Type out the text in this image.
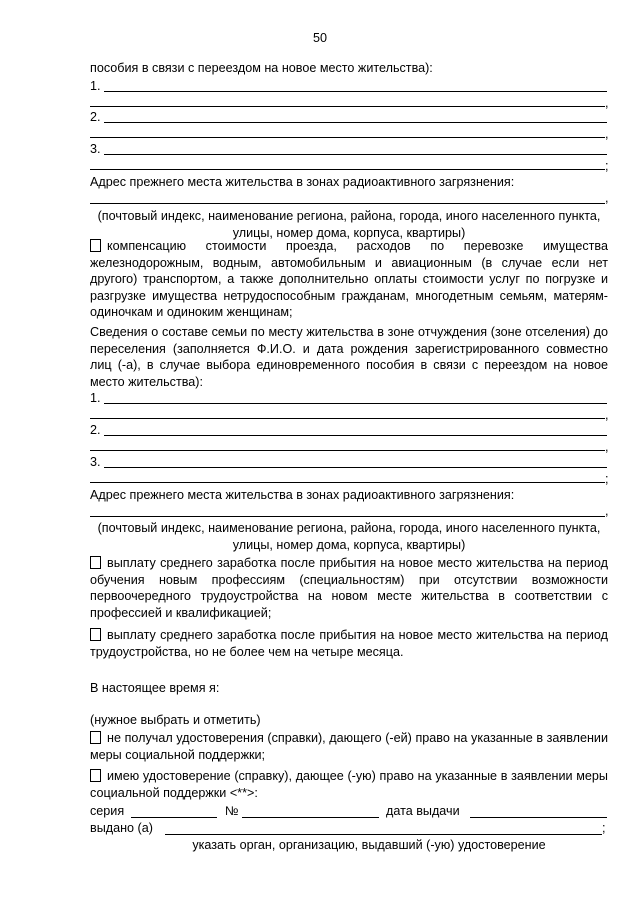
50
пособия в связи с переездом на новое место жительства):
1.
,
2.
,
3.
;
Адрес прежнего места жительства в зонах радиоактивного загрязнения:
,
(почтовый индекс, наименование региона, района, города, иного населенного пункта, улицы, номер дома, корпуса, квартиры)
компенсацию стоимости проезда, расходов по перевозке имущества железнодорожным, водным, автомобильным и авиационным (в случае если нет другого) транспортом, а также дополнительно оплаты стоимости услуг по погрузке и разгрузке имущества нетрудоспособным гражданам, многодетным семьям, матерям-одиночкам и одиноким женщинам;
Сведения о составе семьи по месту жительства в зоне отчуждения (зоне отселения) до переселения (заполняется Ф.И.О. и дата рождения зарегистрированного совместно лиц (-а), в случае выбора единовременного пособия в связи с переездом на новое место жительства):
1.
,
2.
,
3.
;
Адрес прежнего места жительства в зонах радиоактивного загрязнения:
,
(почтовый индекс, наименование региона, района, города, иного населенного пункта, улицы, номер дома, корпуса, квартиры)
выплату среднего заработка после прибытия на новое место жительства на период обучения новым профессиям (специальностям) при отсутствии возможности первоочередного трудоустройства на новом месте жительства в соответствии с профессией и квалификацией;
выплату среднего заработка после прибытия на новое место жительства на период трудоустройства, но не более чем на четыре месяца.
В настоящее время я:
(нужное выбрать и отметить)
не получал удостоверения (справки), дающего (-ей) право на указанные в заявлении меры социальной поддержки;
имею удостоверение (справку), дающее (-ую) право на указанные в заявлении меры социальной поддержки <**>:
серия	№	дата выдачи
выдано (а)	;
указать орган, организацию, выдавший (-ую) удостоверение
